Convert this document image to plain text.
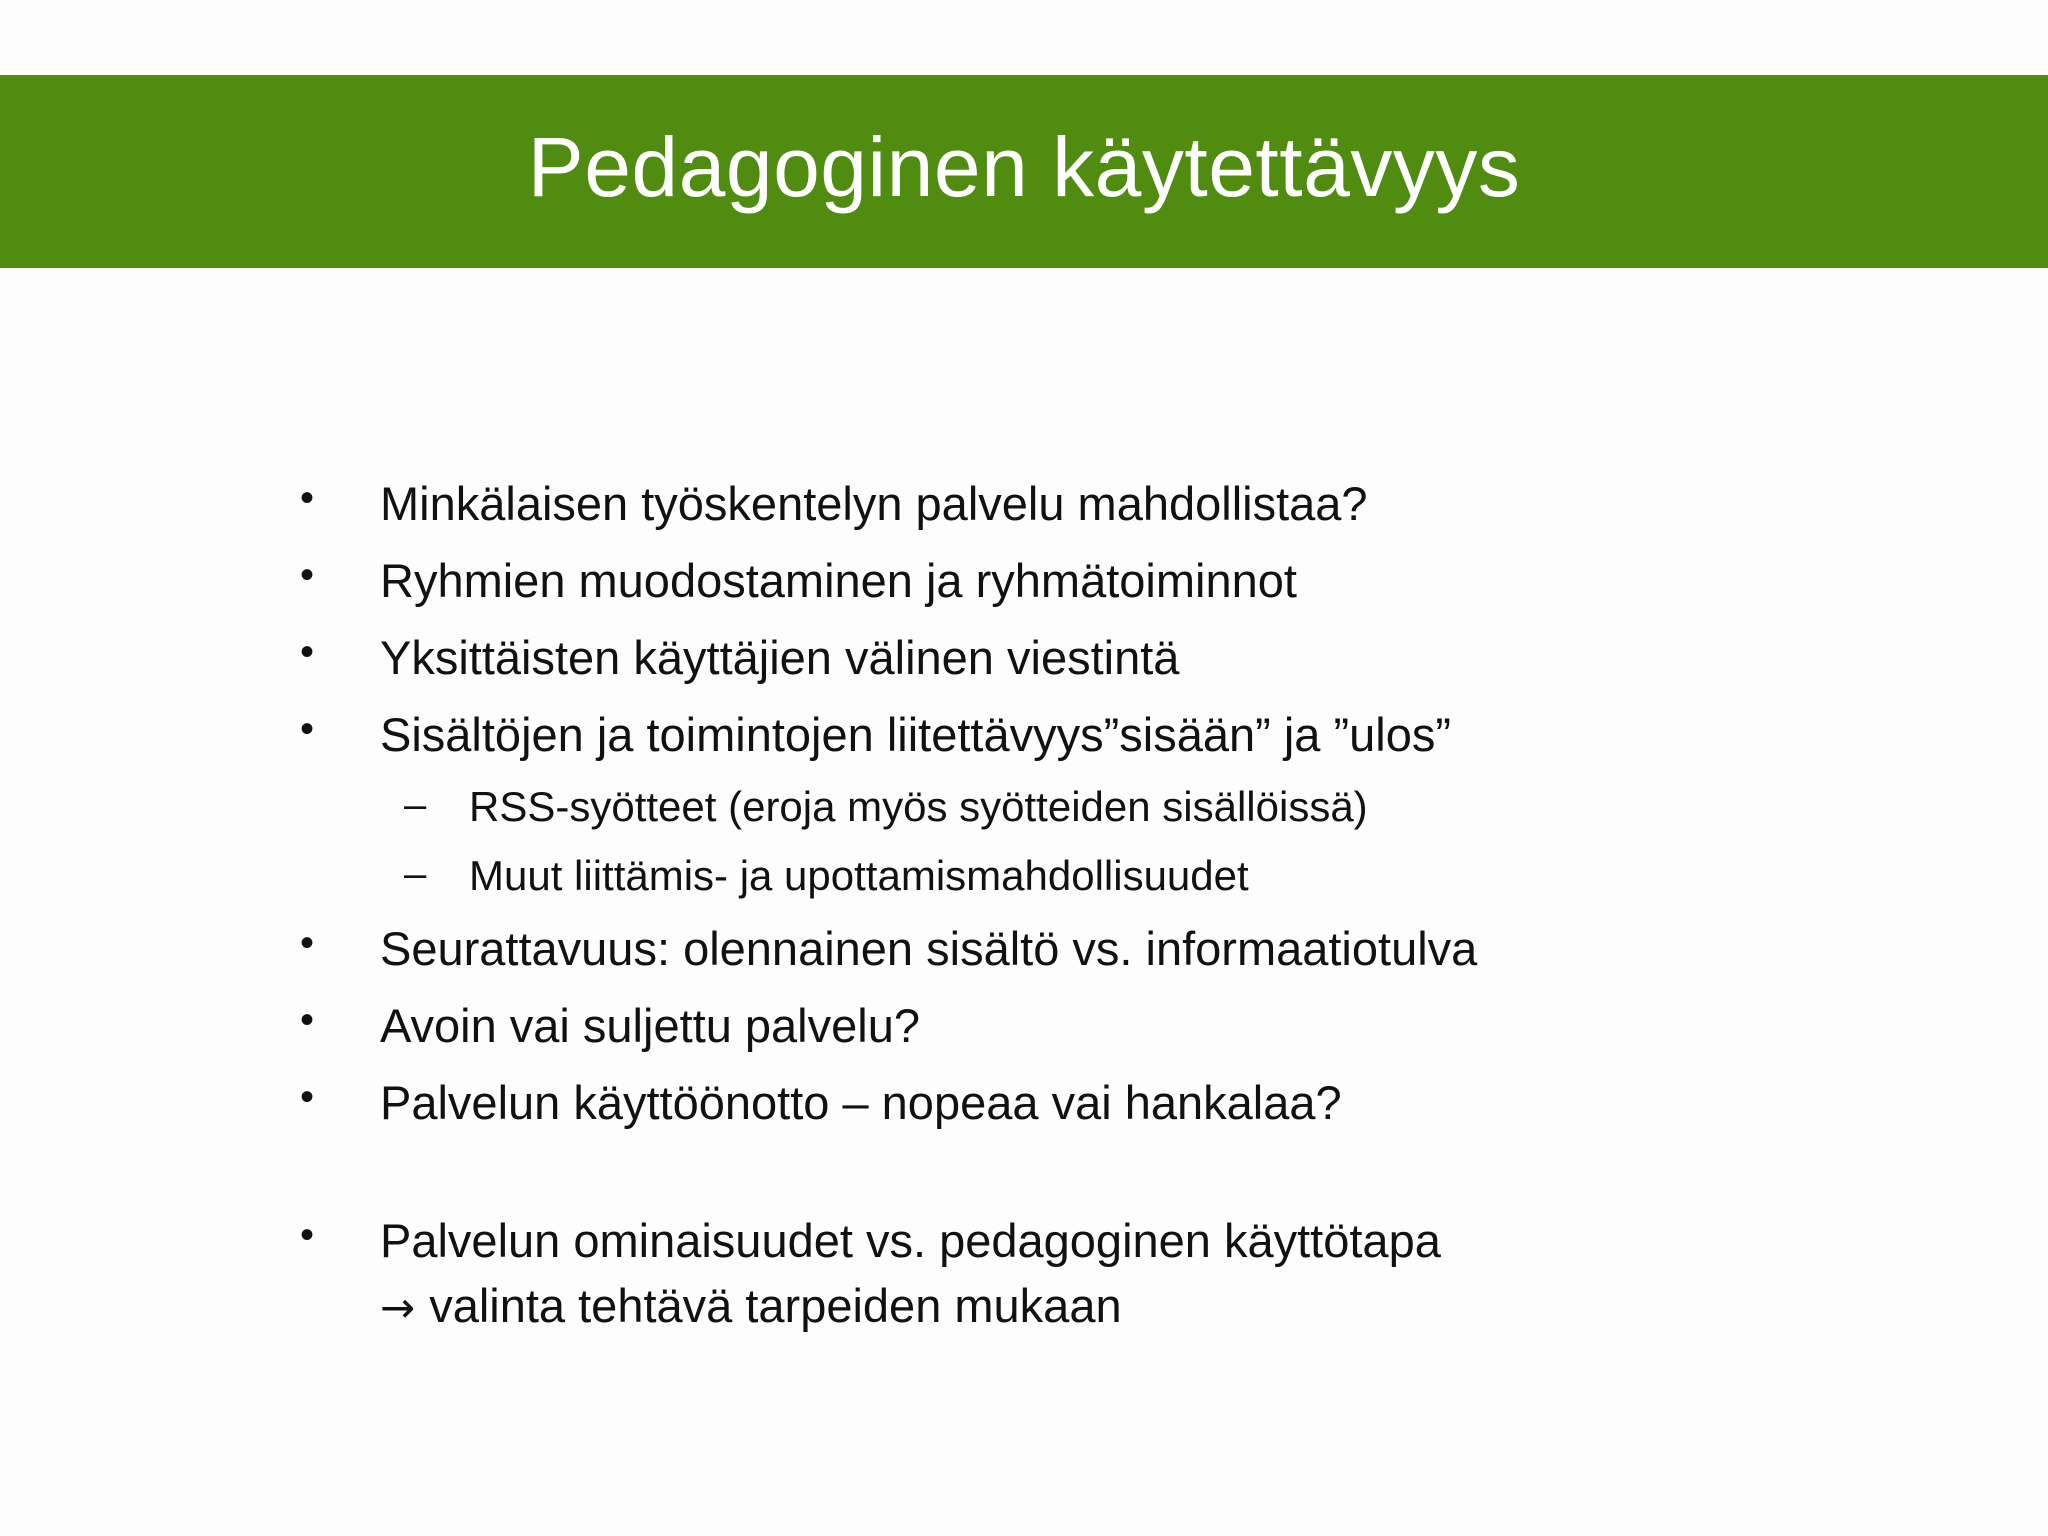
Pedagoginen käytettävyys
• Minkälaisen työskentelyn palvelu mahdollistaa?
• Ryhmien muodostaminen ja ryhmätoiminnot
• Yksittäisten käyttäjien välinen viestintä
• Sisältöjen ja toimintojen liitettävyys”sisään” ja ”ulos”
– RSS-syötteet (eroja myös syötteiden sisällöissä)
– Muut liittämis- ja upottamismahdollisuudet
• Seurattavuus: olennainen sisältö vs. informaatiotulva
• Avoin vai suljettu palvelu?
• Palvelun käyttöönotto – nopeaa vai hankalaa?
• Palvelun ominaisuudet vs. pedagoginen käyttötapa
→ valinta tehtävä tarpeiden mukaan
